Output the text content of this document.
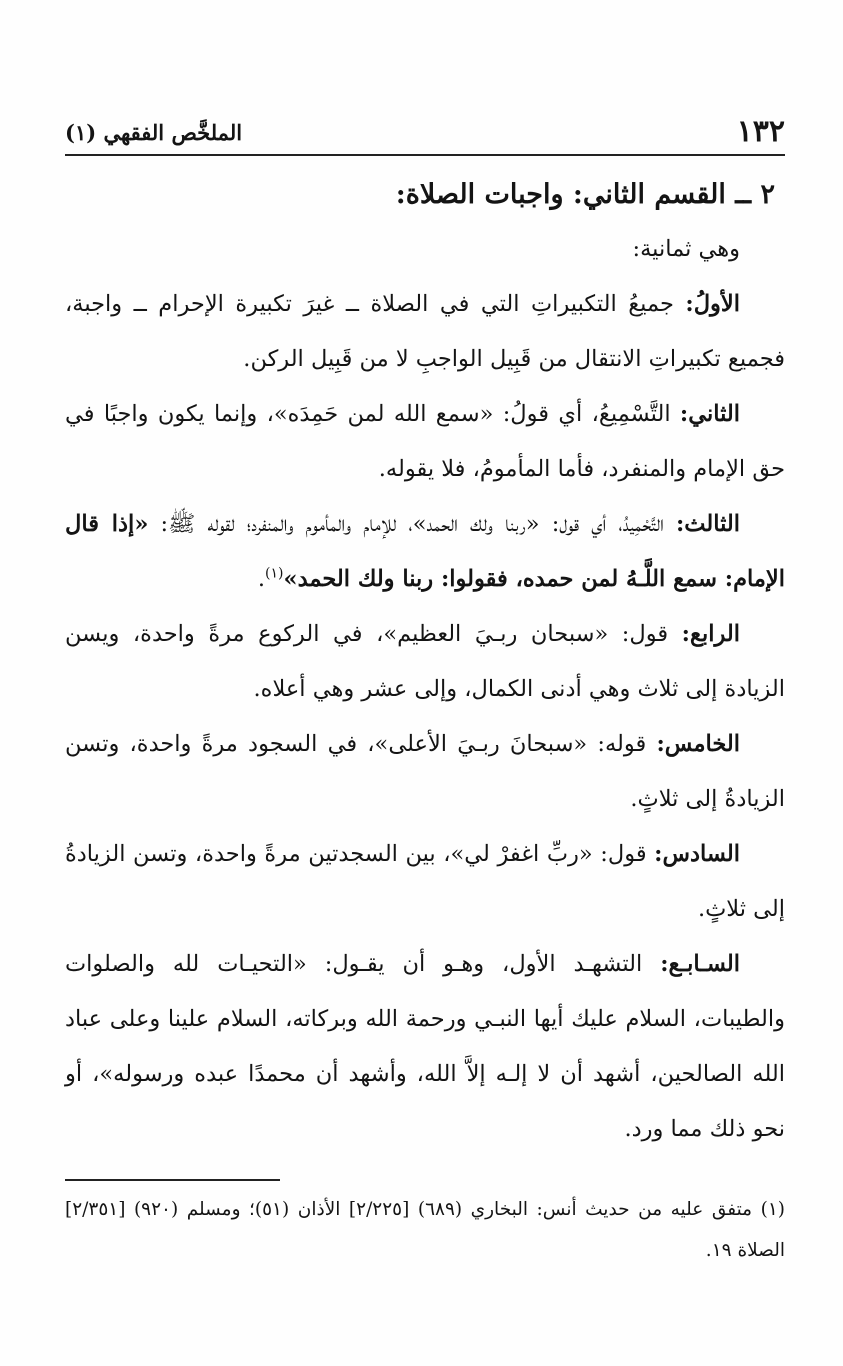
١٣٢
الملخَّص الفقهي (١)
٢ ــ القسم الثاني: واجبات الصلاة:

وهي ثمانية:

الأولُ: جميعُ التكبيراتِ التي في الصلاة ــ غيرَ تكبيرة الإحرام ــ واجبة، فجميع تكبيراتِ الانتقال من قَبِيل الواجبِ لا من قَبِيل الركن.

الثاني: التَّسْمِيعُ، أي قولُ: «سمع الله لمن حَمِدَه»، وإنما يكون واجبًا في حق الإمام والمنفرد، فأما المأمومُ، فلا يقوله.

الثالث: التَّحْمِيدُ، أي قول: «ربنا ولك الحمد»، للإمام والمأموم والمنفرد؛ لقوله ﷺ: «إذا قال الإمام: سمع اللَّـهُ لمن حمده، فقولوا: ربنا ولك الحمد»$^{(١)}$.

الرابع: قول: «سبحان ربـيَ العظيم»، في الركوع مرةً واحدة، ويسن الزيادة إلى ثلاث وهي أدنى الكمال، وإلى عشر وهي أعلاه.

الخامس: قوله: «سبحانَ ربـيَ الأعلى»، في السجود مرةً واحدة، وتسن الزيادةُ إلى ثلاثٍ.

السادس: قول: «ربِّ اغفرْ لي»، بين السجدتين مرةً واحدة، وتسن الزيادةُ إلى ثلاثٍ.

السـابـع: التشهـد الأول، وهـو أن يقـول: «التحيـات لله والصلوات والطيبات، السلام عليك أيها النبـي ورحمة الله وبركاته، السلام علينا وعلى عباد الله الصالحين، أشهد أن لا إلـه إلاَّ الله، وأشهد أن محمدًا عبده ورسوله»، أو نحو ذلك مما ورد.

(١) متفق عليه من حديث أنس: البخاري (٦٨٩) [٢/٢٢٥] الأذان (٥١)؛ ومسلم (٩٢٠) [٢/٣٥١] الصلاة ١٩.
